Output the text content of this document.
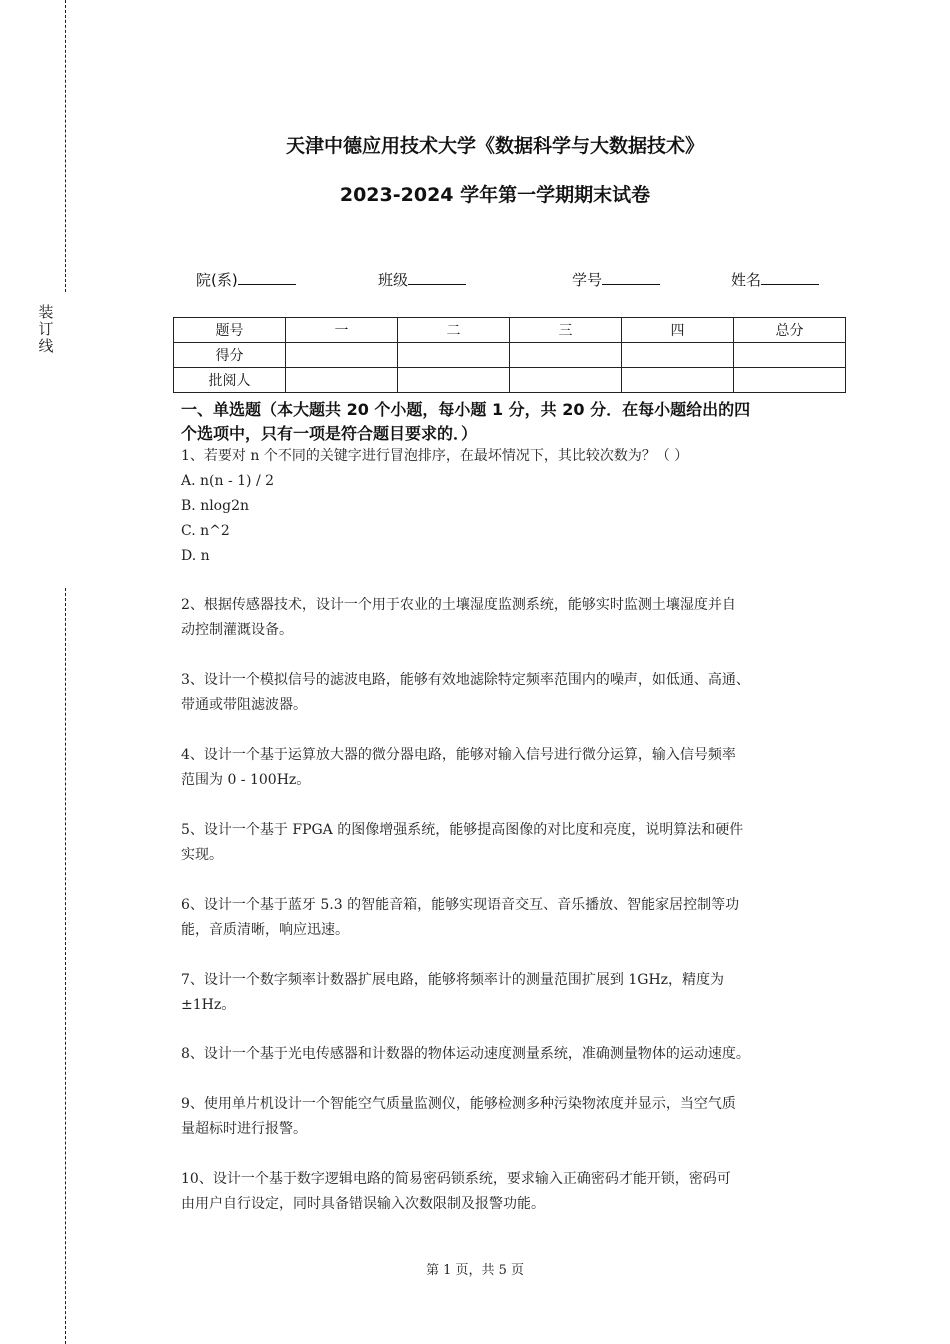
装
订
线
天津中德应用技术大学《数据科学与大数据技术》
2023-2024 学年第一学期期末试卷
院(系)	班级	学号	姓名
题号	一	二	三	四	总分
得分					
批阅人					
一、单选题（本大题共 20 个小题，每小题 1 分，共 20 分．在每小题给出的四
个选项中，只有一项是符合题目要求的．）
1、若要对 n 个不同的关键字进行冒泡排序，在最坏情况下，其比较次数为？（ ）
A. n(n - 1) / 2
B. nlog2n
C. n^2
D. n
2、根据传感器技术，设计一个用于农业的土壤湿度监测系统，能够实时监测土壤湿度并自
动控制灌溉设备。
3、设计一个模拟信号的滤波电路，能够有效地滤除特定频率范围内的噪声，如低通、高通、
带通或带阻滤波器。
4、设计一个基于运算放大器的微分器电路，能够对输入信号进行微分运算，输入信号频率
范围为 0 - 100Hz。
5、设计一个基于 FPGA 的图像增强系统，能够提高图像的对比度和亮度，说明算法和硬件
实现。
6、设计一个基于蓝牙 5.3 的智能音箱，能够实现语音交互、音乐播放、智能家居控制等功
能，音质清晰，响应迅速。
7、设计一个数字频率计数器扩展电路，能够将频率计的测量范围扩展到 1GHz，精度为
±1Hz。
8、设计一个基于光电传感器和计数器的物体运动速度测量系统，准确测量物体的运动速度。
9、使用单片机设计一个智能空气质量监测仪，能够检测多种污染物浓度并显示，当空气质
量超标时进行报警。
10、设计一个基于数字逻辑电路的简易密码锁系统，要求输入正确密码才能开锁，密码可
由用户自行设定，同时具备错误输入次数限制及报警功能。
第 1 页，共 5 页
